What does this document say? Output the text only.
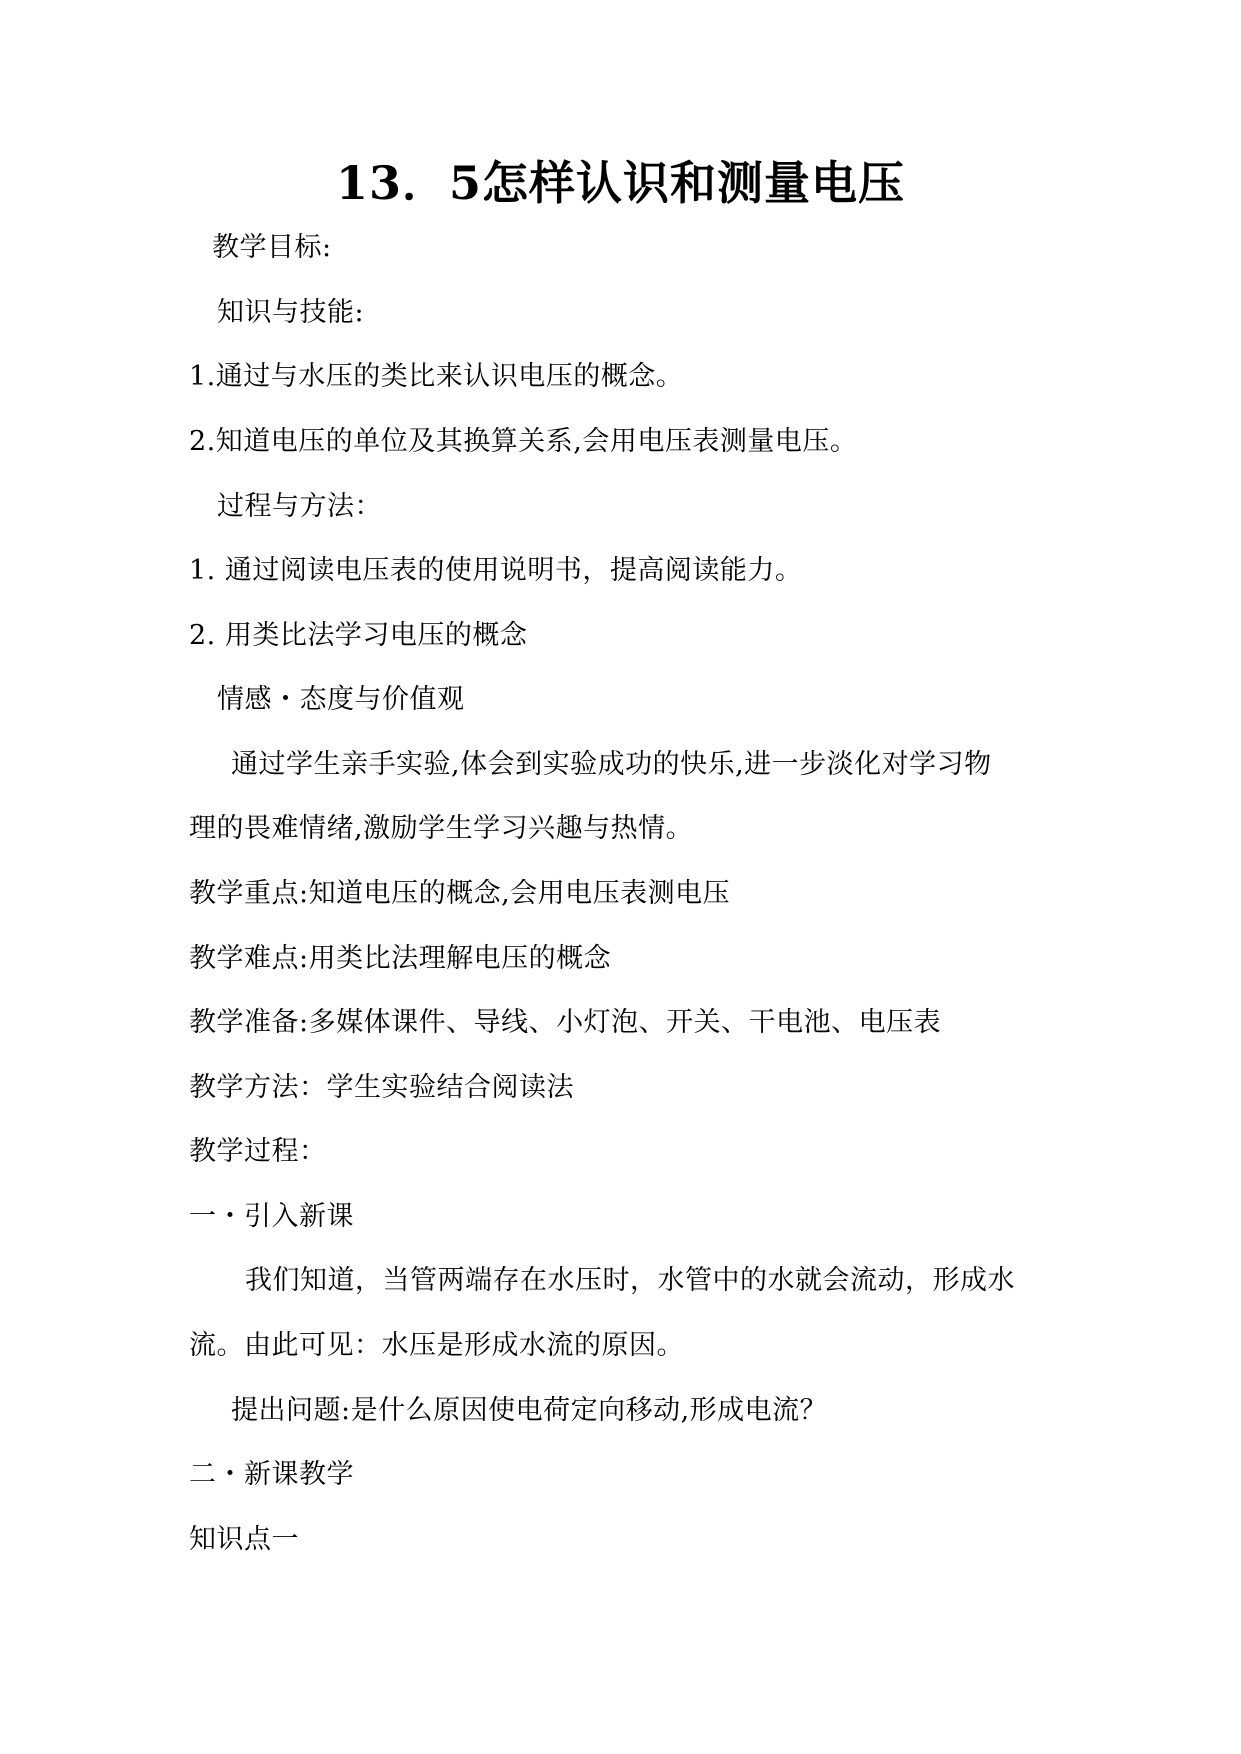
13．5怎样认识和测量电压
教学目标:
知识与技能:
1.通过与水压的类比来认识电压的概念。
2.知道电压的单位及其换算关系,会用电压表测量电压。
过程与方法：
1. 通过阅读电压表的使用说明书，提高阅读能力。
2. 用类比法学习电压的概念
情感・态度与价值观
通过学生亲手实验,体会到实验成功的快乐,进一步淡化对学习物
理的畏难情绪,激励学生学习兴趣与热情。
教学重点:知道电压的概念,会用电压表测电压
教学难点:用类比法理解电压的概念
教学准备:多媒体课件、导线、小灯泡、开关、干电池、电压表
教学方法：学生实验结合阅读法
教学过程：
一・引入新课
我们知道，当管两端存在水压时，水管中的水就会流动，形成水
流。由此可见：水压是形成水流的原因。
提出问题:是什么原因使电荷定向移动,形成电流？
二・新课教学
知识点一
